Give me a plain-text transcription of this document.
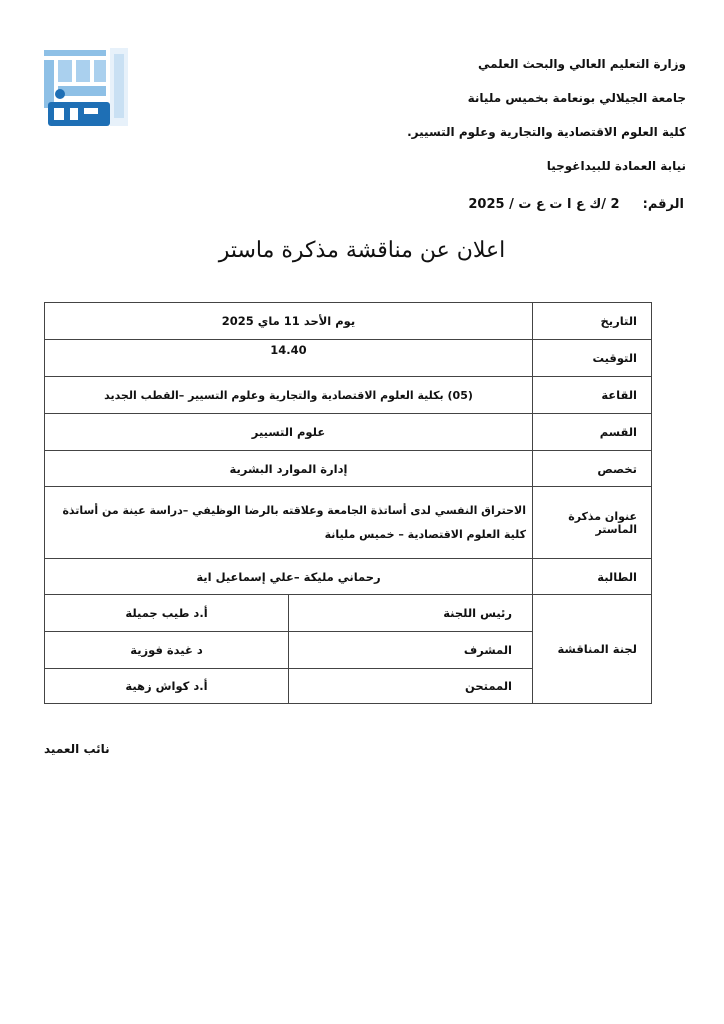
وزارة التعليم العالي والبحث العلمي
جامعة الجيلالي بونعامة بخميس مليانة
كلية العلوم الاقتصادية والتجارية وعلوم التسيير.
نيابة العمادة للبيداغوجيا
الرقم:  2 /ك ع ا ت ع ت / 2025
اعلان عن مناقشة مذكرة ماستر
التاريخ	يوم الأحد 11 ماي 2025	
التوقيت	14.40	
القاعة	(05) بكلية العلوم الاقتصادية والتجارية وعلوم التسيير –القطب الجديد	
القسم	علوم التسيير	
تخصص	إدارة الموارد البشرية	
عنوان مذكرة الماستر	الاحتراق النفسي لدى أساتذة الجامعة وعلاقته بالرضا الوظيفي –دراسة عينة من أساتذة كلية العلوم الاقتصادية – خميس مليانة	
الطالبة	رحماني مليكة –علي إسماعيل اية	
لجنة المناقشة	رئيس اللجنة	أ.د طيب جميلة
	المشرف	د غيدة فوزية
	الممتحن	أ.د كواش زهية
نائب العميد
